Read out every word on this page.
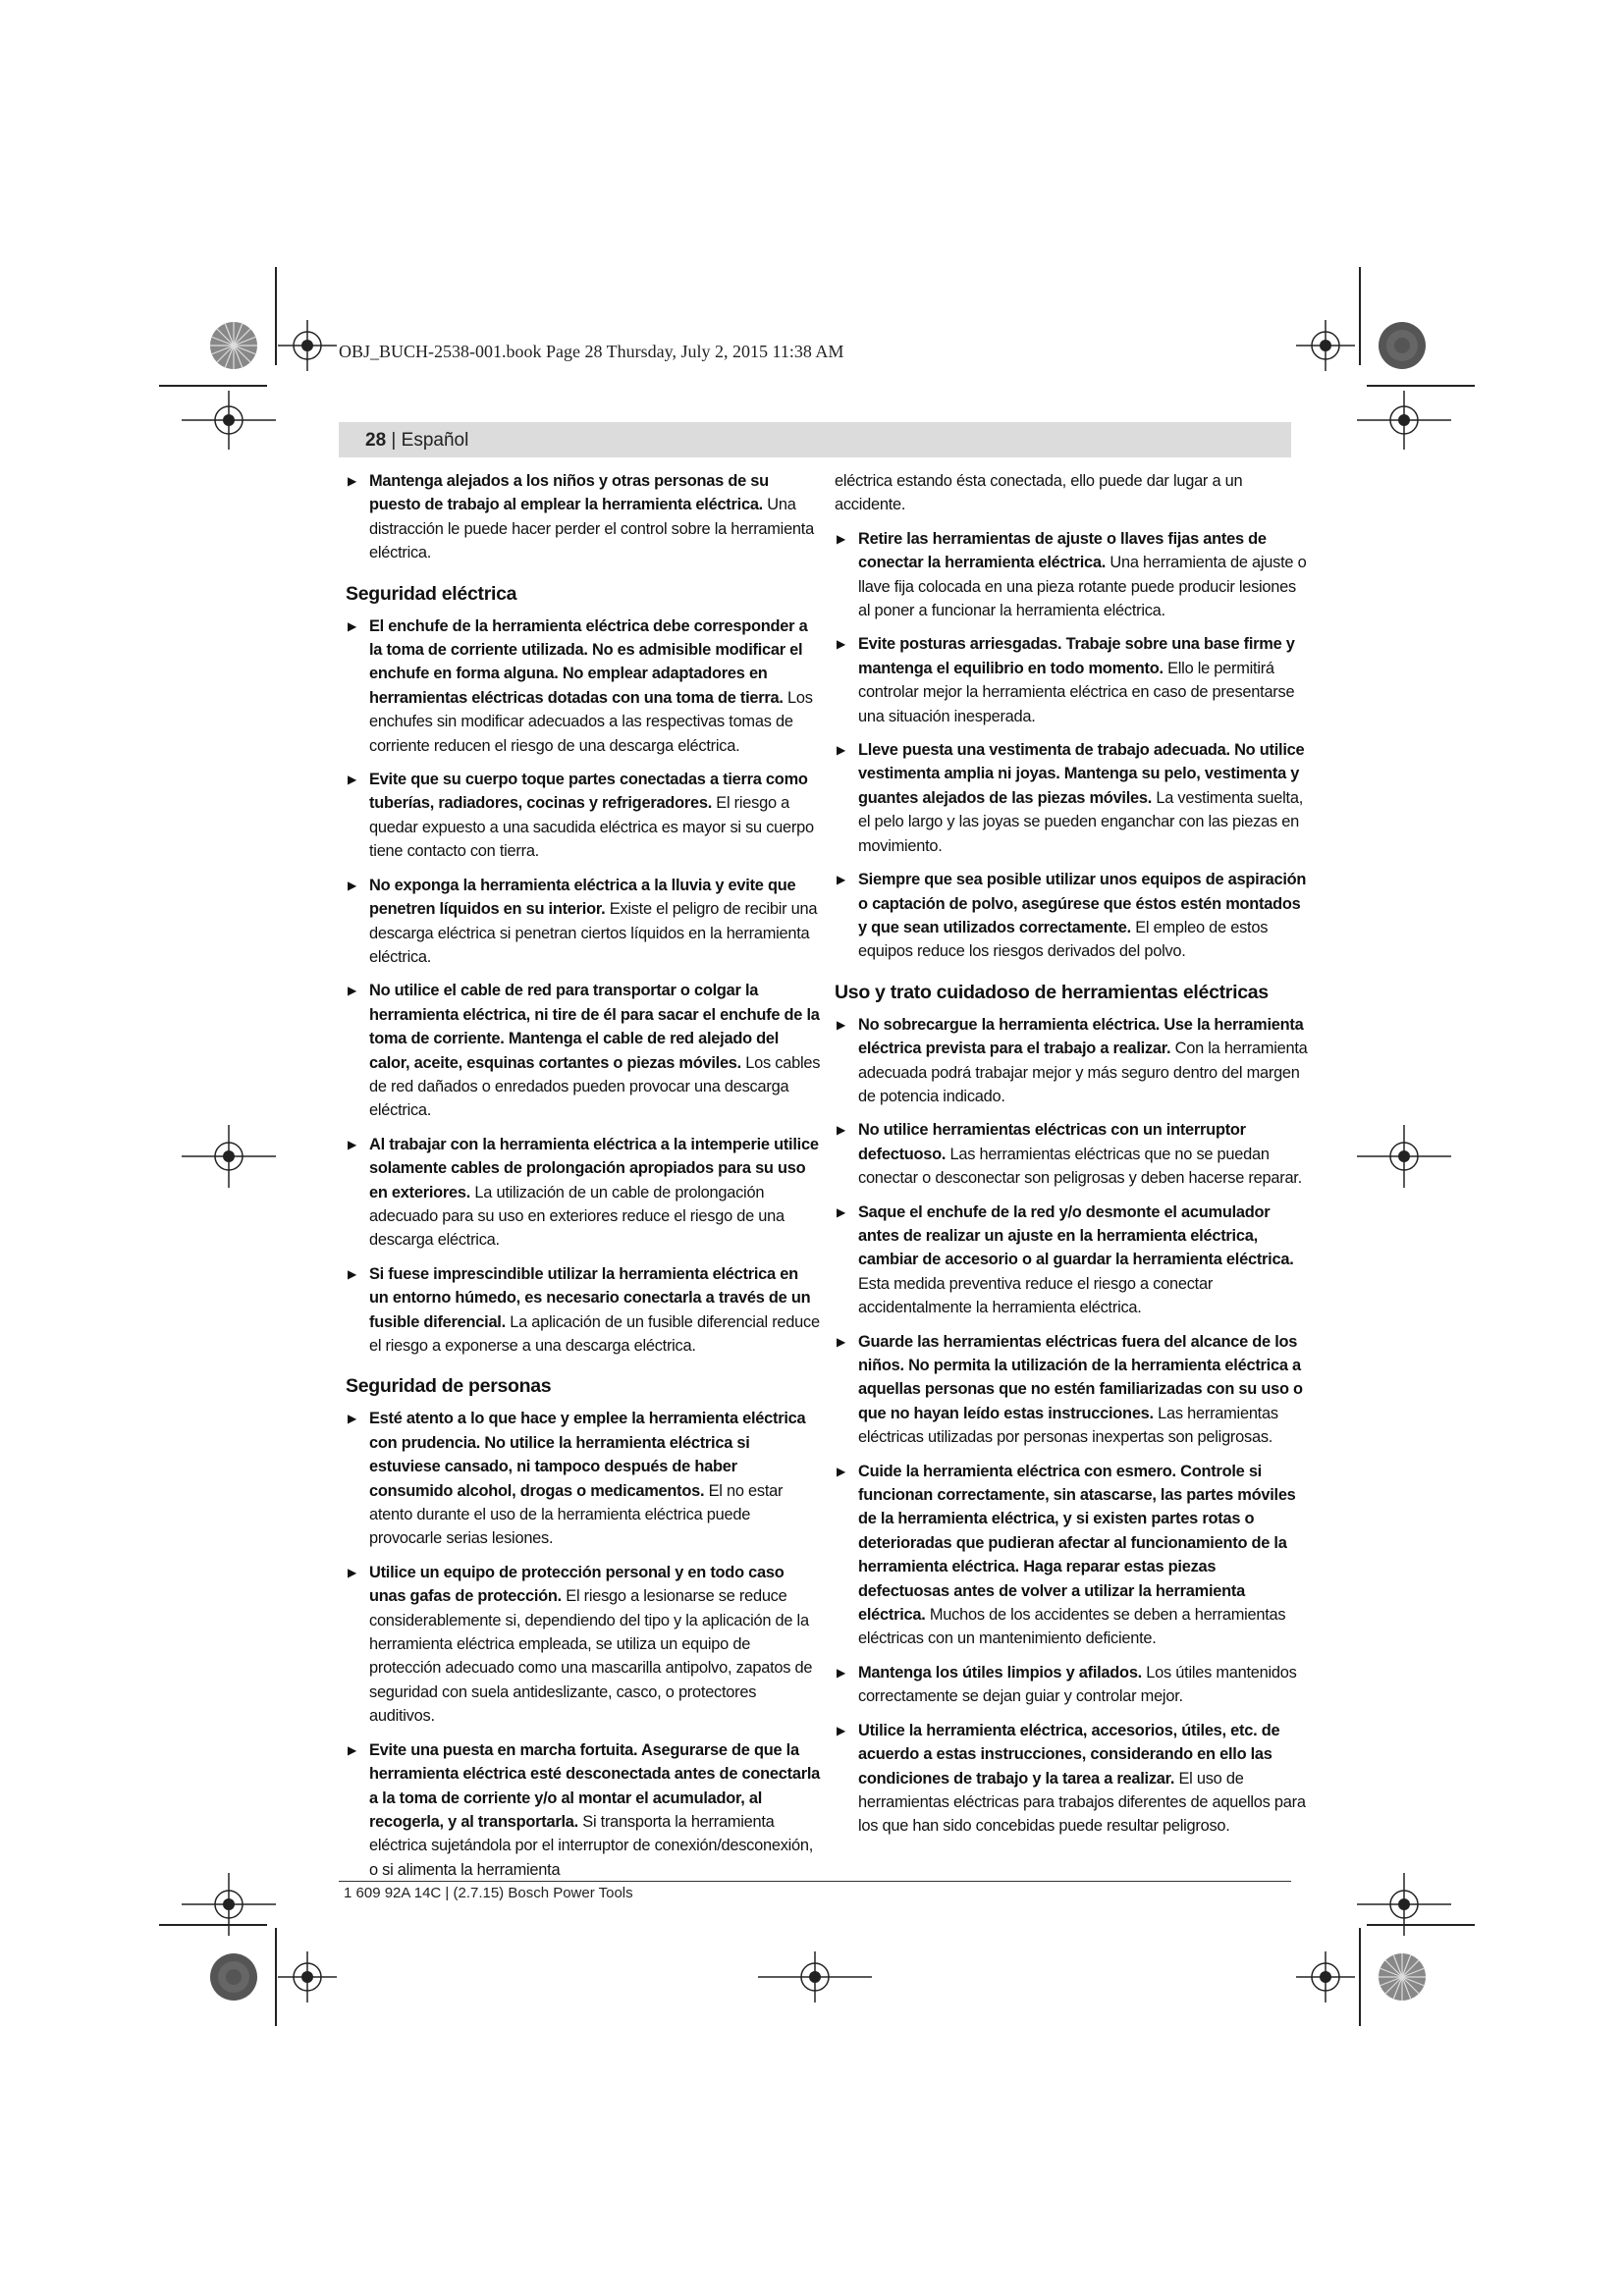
OBJ_BUCH-2538-001.book Page 28 Thursday, July 2, 2015 11:38 AM
28 | Español
▶ Mantenga alejados a los niños y otras personas de su puesto de trabajo al emplear la herramienta eléctrica. Una distracción le puede hacer perder el control sobre la herramienta eléctrica.
Seguridad eléctrica
▶ El enchufe de la herramienta eléctrica debe corresponder a la toma de corriente utilizada. No es admisible modificar el enchufe en forma alguna. No emplear adaptadores en herramientas eléctricas dotadas con una toma de tierra. Los enchufes sin modificar adecuados a las respectivas tomas de corriente reducen el riesgo de una descarga eléctrica.
▶ Evite que su cuerpo toque partes conectadas a tierra como tuberías, radiadores, cocinas y refrigeradores. El riesgo a quedar expuesto a una sacudida eléctrica es mayor si su cuerpo tiene contacto con tierra.
▶ No exponga la herramienta eléctrica a la lluvia y evite que penetren líquidos en su interior. Existe el peligro de recibir una descarga eléctrica si penetran ciertos líquidos en la herramienta eléctrica.
▶ No utilice el cable de red para transportar o colgar la herramienta eléctrica, ni tire de él para sacar el enchufe de la toma de corriente. Mantenga el cable de red alejado del calor, aceite, esquinas cortantes o piezas móviles. Los cables de red dañados o enredados pueden provocar una descarga eléctrica.
▶ Al trabajar con la herramienta eléctrica a la intemperie utilice solamente cables de prolongación apropiados para su uso en exteriores. La utilización de un cable de prolongación adecuado para su uso en exteriores reduce el riesgo de una descarga eléctrica.
▶ Si fuese imprescindible utilizar la herramienta eléctrica en un entorno húmedo, es necesario conectarla a través de un fusible diferencial. La aplicación de un fusible diferencial reduce el riesgo a exponerse a una descarga eléctrica.
Seguridad de personas
▶ Esté atento a lo que hace y emplee la herramienta eléctrica con prudencia. No utilice la herramienta eléctrica si estuviese cansado, ni tampoco después de haber consumido alcohol, drogas o medicamentos. El no estar atento durante el uso de la herramienta eléctrica puede provocarle serias lesiones.
▶ Utilice un equipo de protección personal y en todo caso unas gafas de protección. El riesgo a lesionarse se reduce considerablemente si, dependiendo del tipo y la aplicación de la herramienta eléctrica empleada, se utiliza un equipo de protección adecuado como una mascarilla antipolvo, zapatos de seguridad con suela antideslizante, casco, o protectores auditivos.
▶ Evite una puesta en marcha fortuita. Asegurarse de que la herramienta eléctrica esté desconectada antes de conectarla a la toma de corriente y/o al montar el acumulador, al recogerla, y al transportarla. Si transporta la herramienta eléctrica sujetándola por el interruptor de conexión/desconexión, o si alimenta la herramienta
eléctrica estando ésta conectada, ello puede dar lugar a un accidente.
▶ Retire las herramientas de ajuste o llaves fijas antes de conectar la herramienta eléctrica. Una herramienta de ajuste o llave fija colocada en una pieza rotante puede producir lesiones al poner a funcionar la herramienta eléctrica.
▶ Evite posturas arriesgadas. Trabaje sobre una base firme y mantenga el equilibrio en todo momento. Ello le permitirá controlar mejor la herramienta eléctrica en caso de presentarse una situación inesperada.
▶ Lleve puesta una vestimenta de trabajo adecuada. No utilice vestimenta amplia ni joyas. Mantenga su pelo, vestimenta y guantes alejados de las piezas móviles. La vestimenta suelta, el pelo largo y las joyas se pueden enganchar con las piezas en movimiento.
▶ Siempre que sea posible utilizar unos equipos de aspiración o captación de polvo, asegúrese que éstos estén montados y que sean utilizados correctamente. El empleo de estos equipos reduce los riesgos derivados del polvo.
Uso y trato cuidadoso de herramientas eléctricas
▶ No sobrecargue la herramienta eléctrica. Use la herramienta eléctrica prevista para el trabajo a realizar. Con la herramienta adecuada podrá trabajar mejor y más seguro dentro del margen de potencia indicado.
▶ No utilice herramientas eléctricas con un interruptor defectuoso. Las herramientas eléctricas que no se puedan conectar o desconectar son peligrosas y deben hacerse reparar.
▶ Saque el enchufe de la red y/o desmonte el acumulador antes de realizar un ajuste en la herramienta eléctrica, cambiar de accesorio o al guardar la herramienta eléctrica. Esta medida preventiva reduce el riesgo a conectar accidentalmente la herramienta eléctrica.
▶ Guarde las herramientas eléctricas fuera del alcance de los niños. No permita la utilización de la herramienta eléctrica a aquellas personas que no estén familiarizadas con su uso o que no hayan leído estas instrucciones. Las herramientas eléctricas utilizadas por personas inexpertas son peligrosas.
▶ Cuide la herramienta eléctrica con esmero. Controle si funcionan correctamente, sin atascarse, las partes móviles de la herramienta eléctrica, y si existen partes rotas o deterioradas que pudieran afectar al funcionamiento de la herramienta eléctrica. Haga reparar estas piezas defectuosas antes de volver a utilizar la herramienta eléctrica. Muchos de los accidentes se deben a herramientas eléctricas con un mantenimiento deficiente.
▶ Mantenga los útiles limpios y afilados. Los útiles mantenidos correctamente se dejan guiar y controlar mejor.
▶ Utilice la herramienta eléctrica, accesorios, útiles, etc. de acuerdo a estas instrucciones, considerando en ello las condiciones de trabajo y la tarea a realizar. El uso de herramientas eléctricas para trabajos diferentes de aquellos para los que han sido concebidas puede resultar peligroso.
1 609 92A 14C | (2.7.15) Bosch Power Tools
